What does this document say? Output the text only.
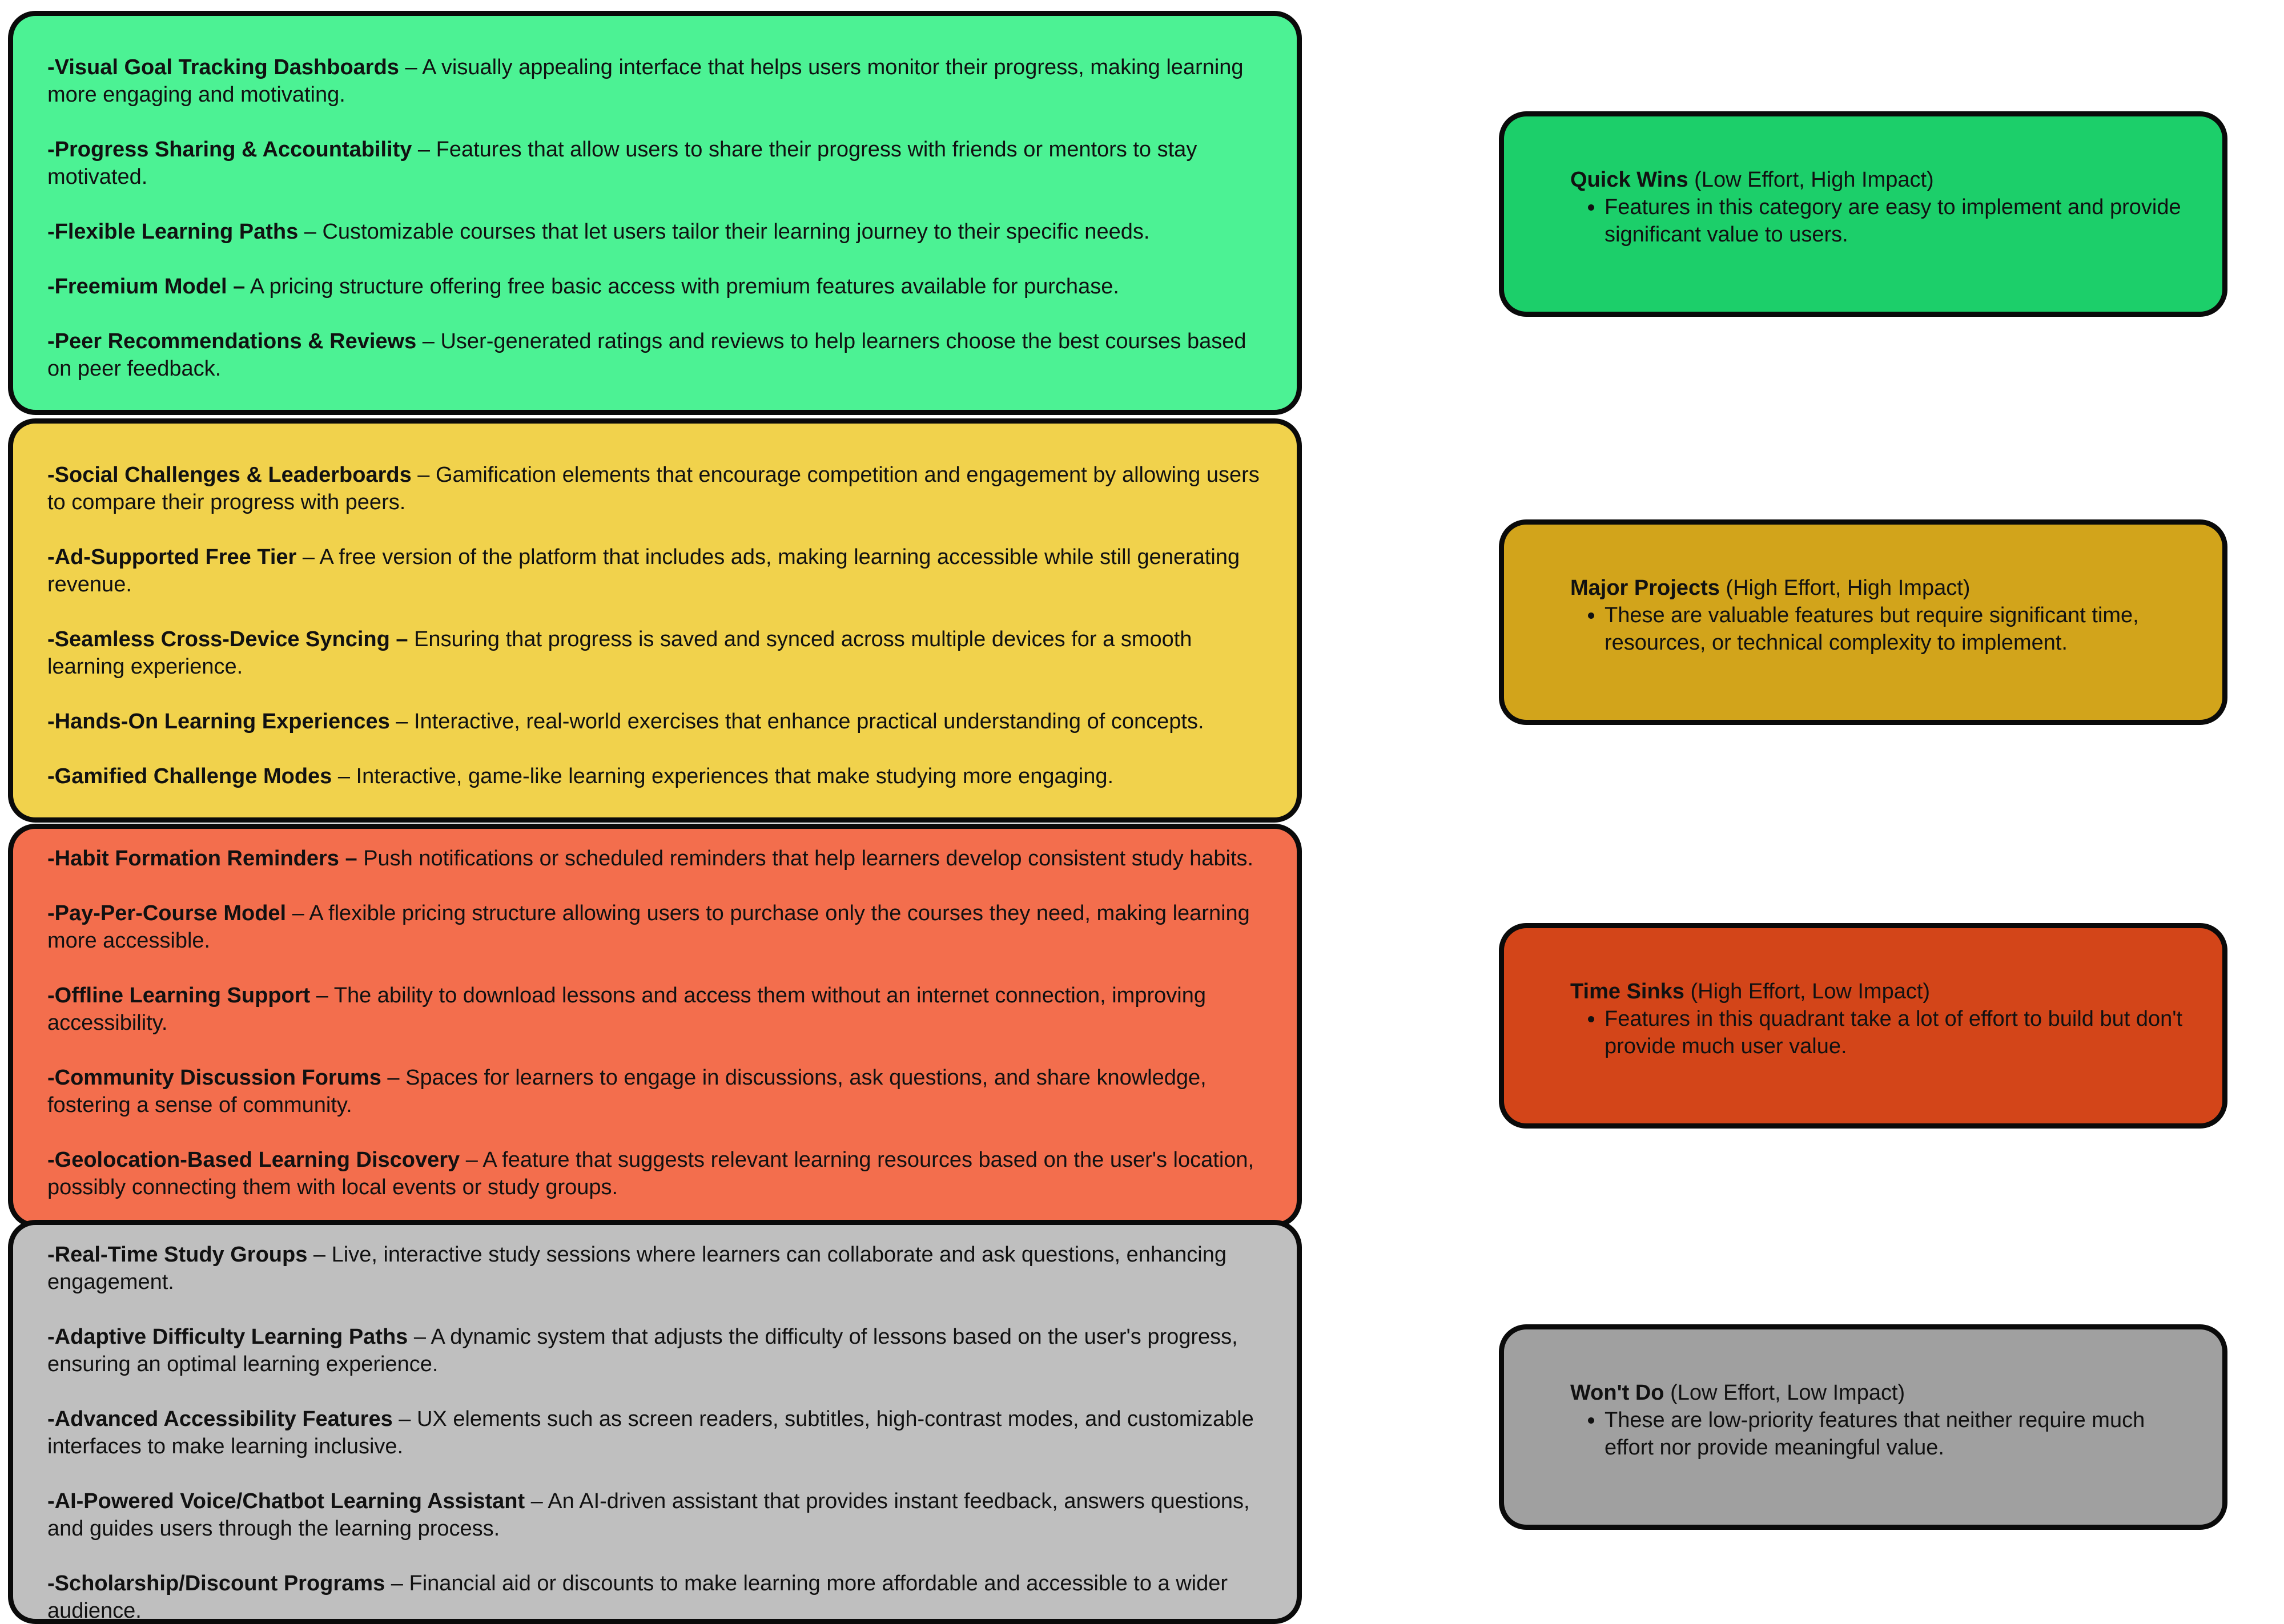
-Visual Goal Tracking Dashboards – A visually appealing interface that helps users monitor their progress, making learning more engaging and motivating.

-Progress Sharing & Accountability – Features that allow users to share their progress with friends or mentors to stay motivated.

-Flexible Learning Paths – Customizable courses that let users tailor their learning journey to their specific needs.

-Freemium Model – A pricing structure offering free basic access with premium features available for purchase.

-Peer Recommendations & Reviews – User-generated ratings and reviews to help learners choose the best courses based on peer feedback.

-Social Challenges & Leaderboards – Gamification elements that encourage competition and engagement by allowing users to compare their progress with peers.

-Ad-Supported Free Tier – A free version of the platform that includes ads, making learning accessible while still generating revenue.

-Seamless Cross-Device Syncing – Ensuring that progress is saved and synced across multiple devices for a smooth learning experience.

-Hands-On Learning Experiences – Interactive, real-world exercises that enhance practical understanding of concepts.

-Gamified Challenge Modes – Interactive, game-like learning experiences that make studying more engaging.

-Habit Formation Reminders – Push notifications or scheduled reminders that help learners develop consistent study habits.

-Pay-Per-Course Model – A flexible pricing structure allowing users to purchase only the courses they need, making learning more accessible.

-Offline Learning Support – The ability to download lessons and access them without an internet connection, improving accessibility.

-Community Discussion Forums – Spaces for learners to engage in discussions, ask questions, and share knowledge, fostering a sense of community.

-Geolocation-Based Learning Discovery – A feature that suggests relevant learning resources based on the user's location, possibly connecting them with local events or study groups.

-Real-Time Study Groups – Live, interactive study sessions where learners can collaborate and ask questions, enhancing engagement.

-Adaptive Difficulty Learning Paths – A dynamic system that adjusts the difficulty of lessons based on the user's progress, ensuring an optimal learning experience.

-Advanced Accessibility Features – UX elements such as screen readers, subtitles, high-contrast modes, and customizable interfaces to make learning inclusive.

-AI-Powered Voice/Chatbot Learning Assistant – An AI-driven assistant that provides instant feedback, answers questions, and guides users through the learning process.

-Scholarship/Discount Programs – Financial aid or discounts to make learning more affordable and accessible to a wider audience.

Quick Wins (Low Effort, High Impact)
• Features in this category are easy to implement and provide significant value to users.
Major Projects (High Effort, High Impact)
• These are valuable features but require significant time, resources, or technical complexity to implement.
Time Sinks (High Effort, Low Impact)
• Features in this quadrant take a lot of effort to build but don't provide much user value.
Won't Do (Low Effort, Low Impact)
• These are low-priority features that neither require much effort nor provide meaningful value.
